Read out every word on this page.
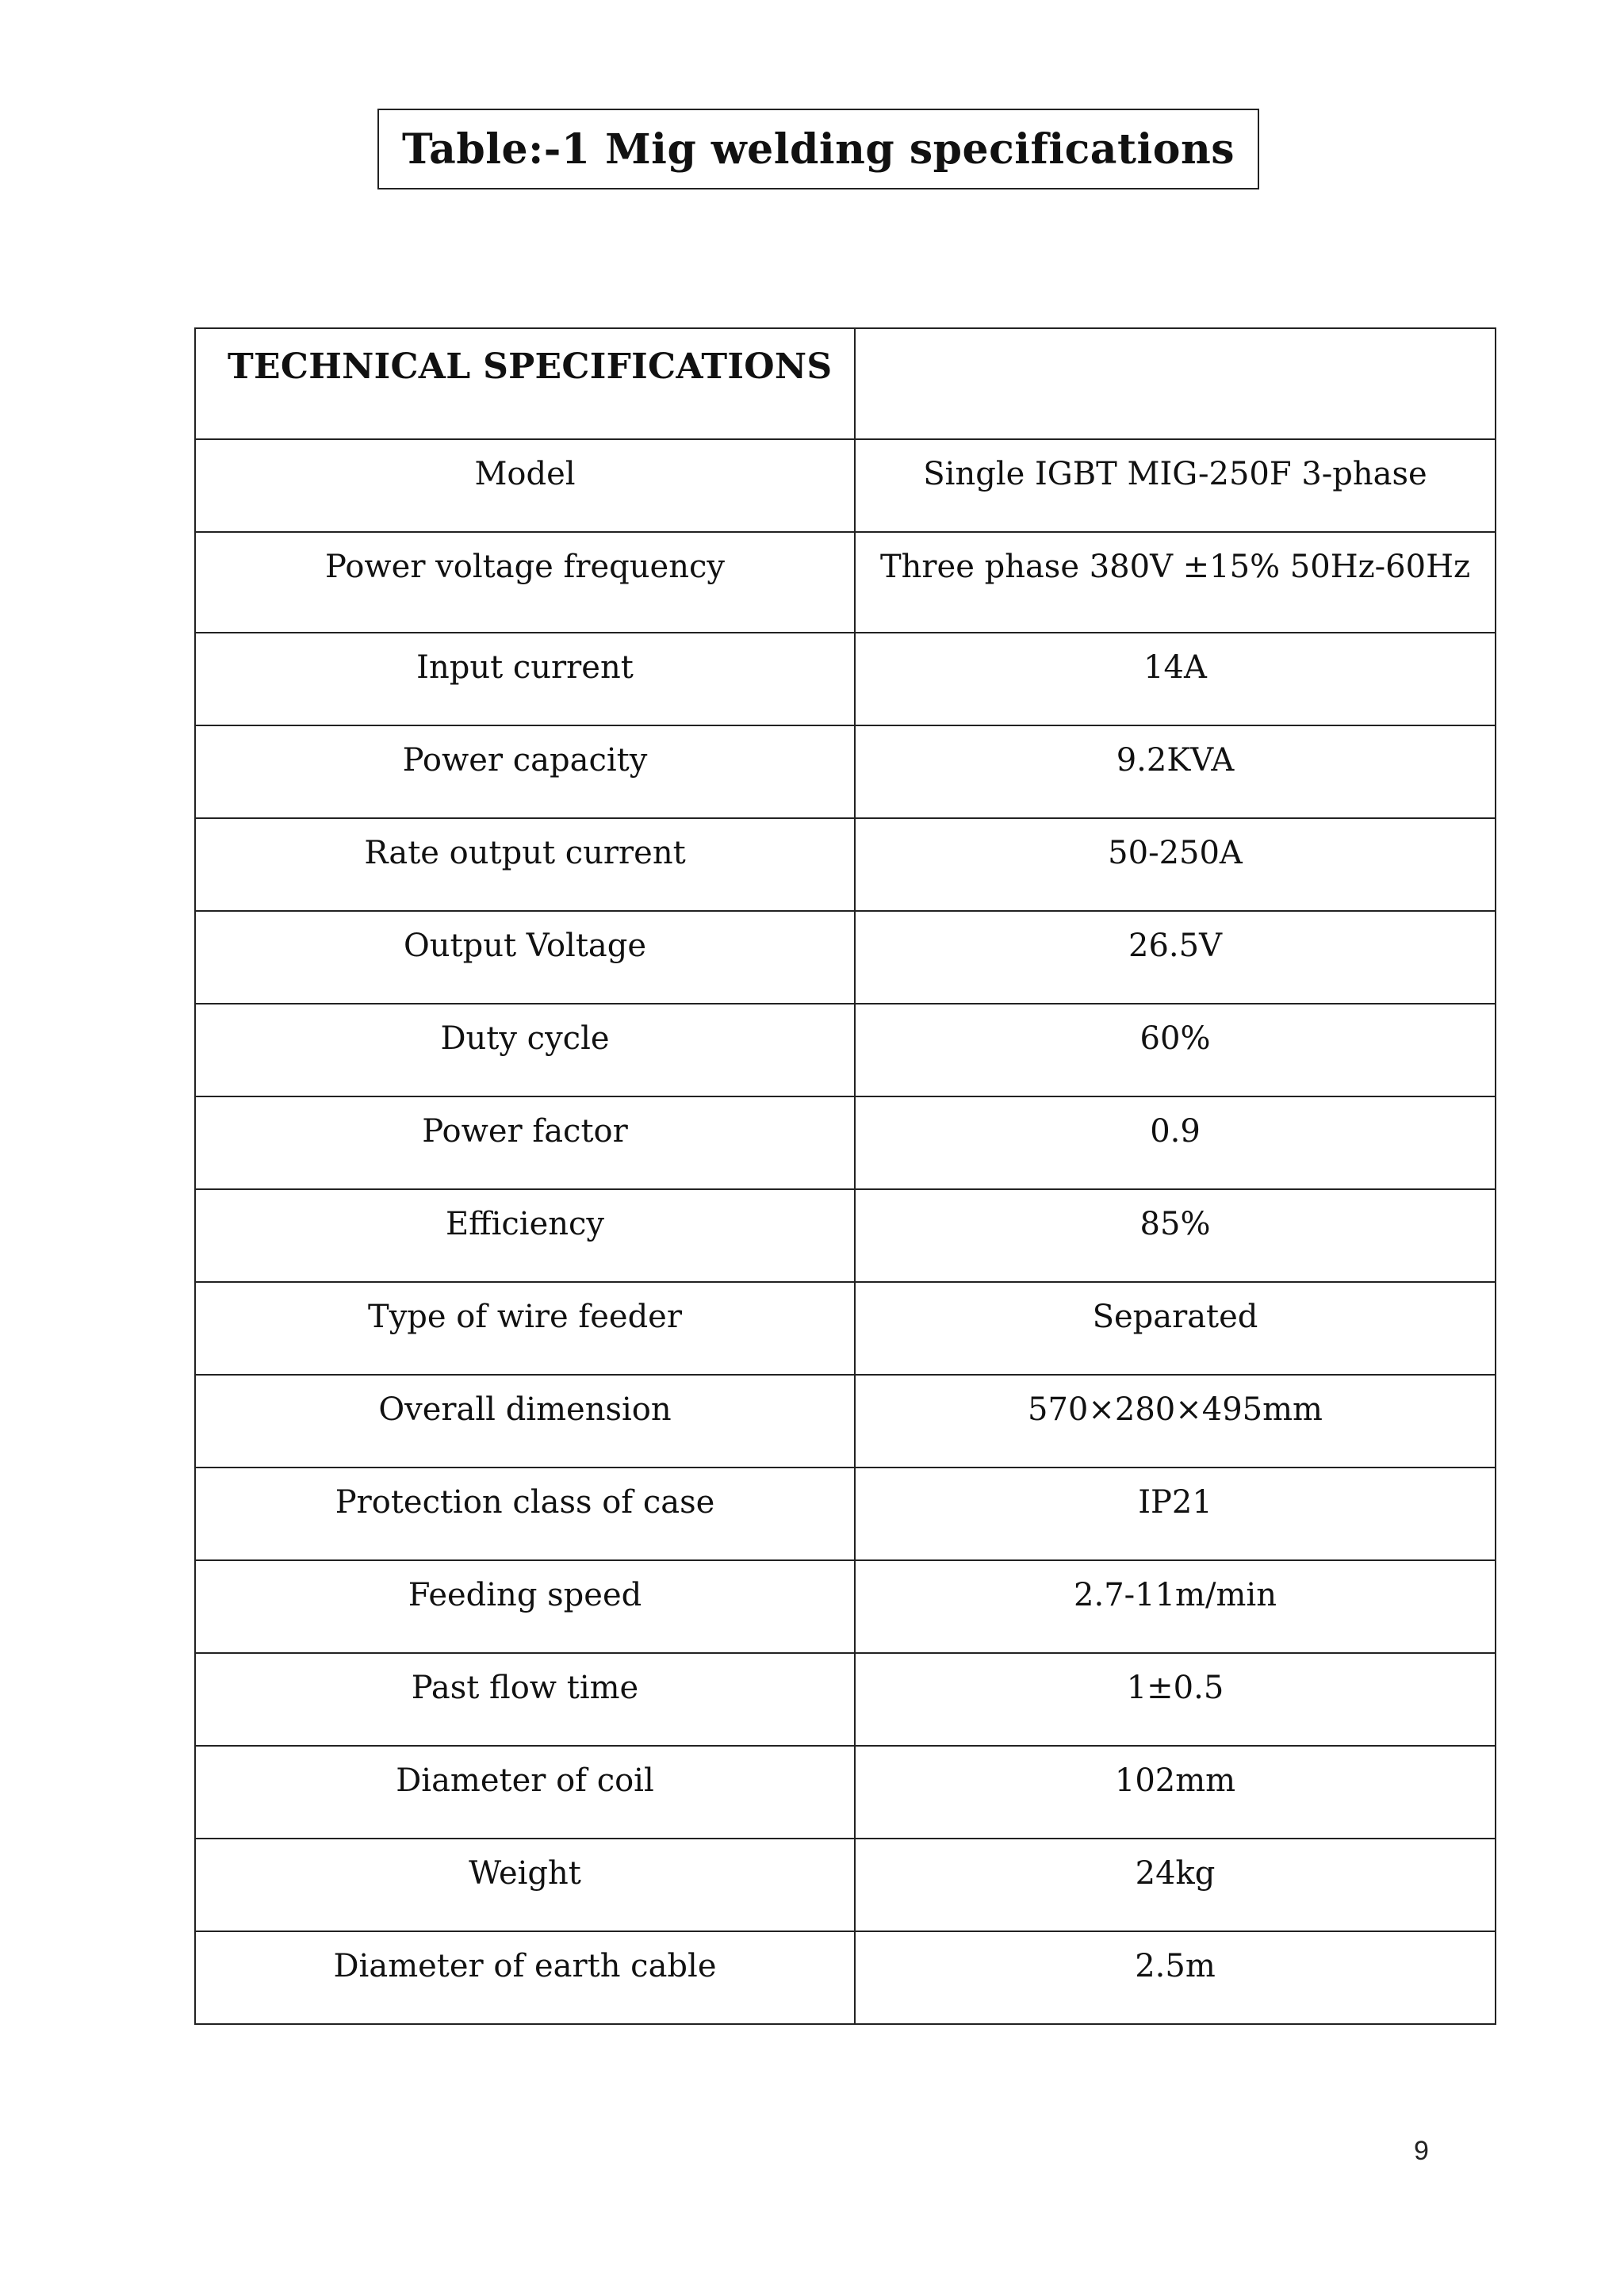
Table:-1 Mig welding specifications
TECHNICAL SPECIFICATIONS	

Model	Single IGBT MIG-250F 3-phase

Power voltage frequency	Three phase 380V ±15% 50Hz-60Hz

Input current	14A

Power capacity	9.2KVA

Rate output current	50-250A

Output Voltage	26.5V

Duty cycle	60%

Power factor	0.9

Efficiency	85%

Type of wire feeder	Separated

Overall dimension	570×280×495mm

Protection class of case	IP21

Feeding speed	2.7-11m/min

Past flow time	1±0.5

Diameter of coil	102mm

Weight	24kg

Diameter of earth cable	2.5m
9
